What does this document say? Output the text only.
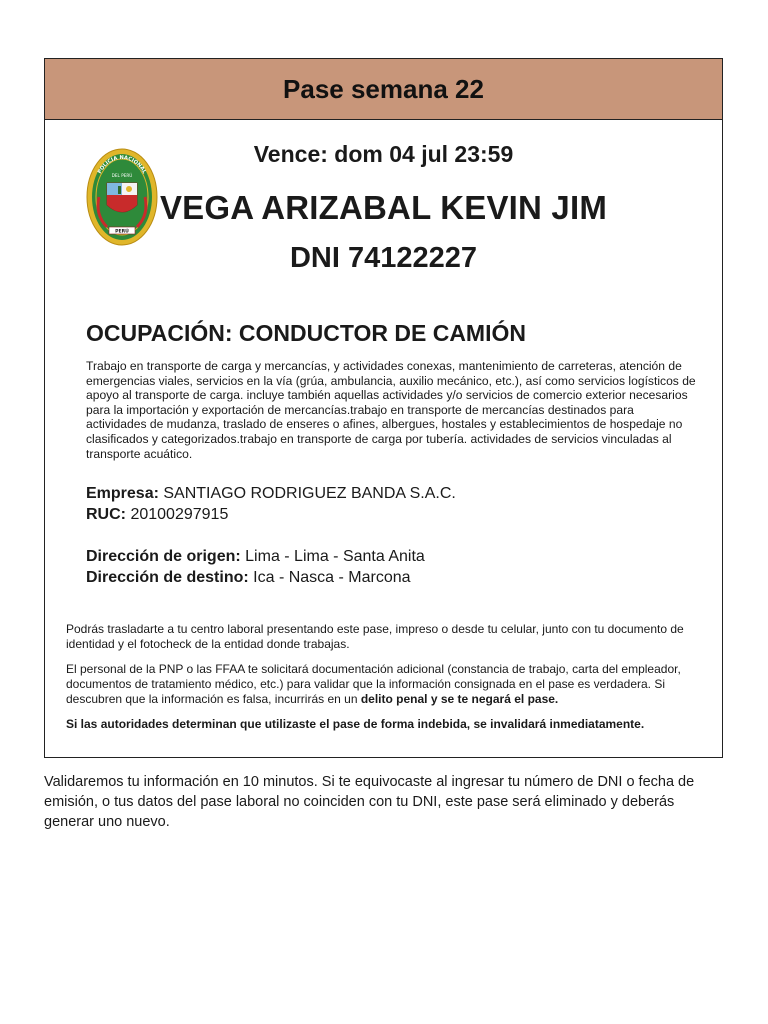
Pase semana 22
POLICÍA NACIONAL
DEL PERÚ
PERÚ
Vence: dom 04 jul 23:59
VEGA ARIZABAL KEVIN JIM
DNI 74122227
OCUPACIÓN: CONDUCTOR DE CAMIÓN
Trabajo en transporte de carga y mercancías, y actividades conexas, mantenimiento de carreteras, atención de emergencias viales, servicios en la vía (grúa, ambulancia, auxilio mecánico, etc.), así como servicios logísticos de apoyo al transporte de carga. incluye también aquellas actividades y/o servicios de comercio exterior necesarios para la importación y exportación de mercancías.trabajo en transporte de mercancías destinados para actividades de mudanza, traslado de enseres o afines, albergues, hostales y establecimientos de hospedaje no clasificados y categorizados.trabajo en transporte de carga por tubería. actividades de servicios vinculadas al transporte acuático.
Empresa: SANTIAGO RODRIGUEZ BANDA S.A.C.
RUC: 20100297915
Dirección de origen: Lima - Lima - Santa Anita
Dirección de destino: Ica - Nasca - Marcona

Podrás trasladarte a tu centro laboral presentando este pase, impreso o desde tu celular, junto con tu documento de identidad y el fotocheck de la entidad donde trabajas.

El personal de la PNP o las FFAA te solicitará documentación adicional (constancia de trabajo, carta del empleador, documentos de tratamiento médico, etc.) para validar que la información consignada en el pase es verdadera. Si descubren que la información es falsa, incurrirás en un delito penal y se te negará el pase.

Si las autoridades determinan que utilizaste el pase de forma indebida, se invalidará inmediatamente.

Validaremos tu información en 10 minutos. Si te equivocaste al ingresar tu número de DNI o fecha de emisión, o tus datos del pase laboral no coinciden con tu DNI, este pase será eliminado y deberás generar uno nuevo.
